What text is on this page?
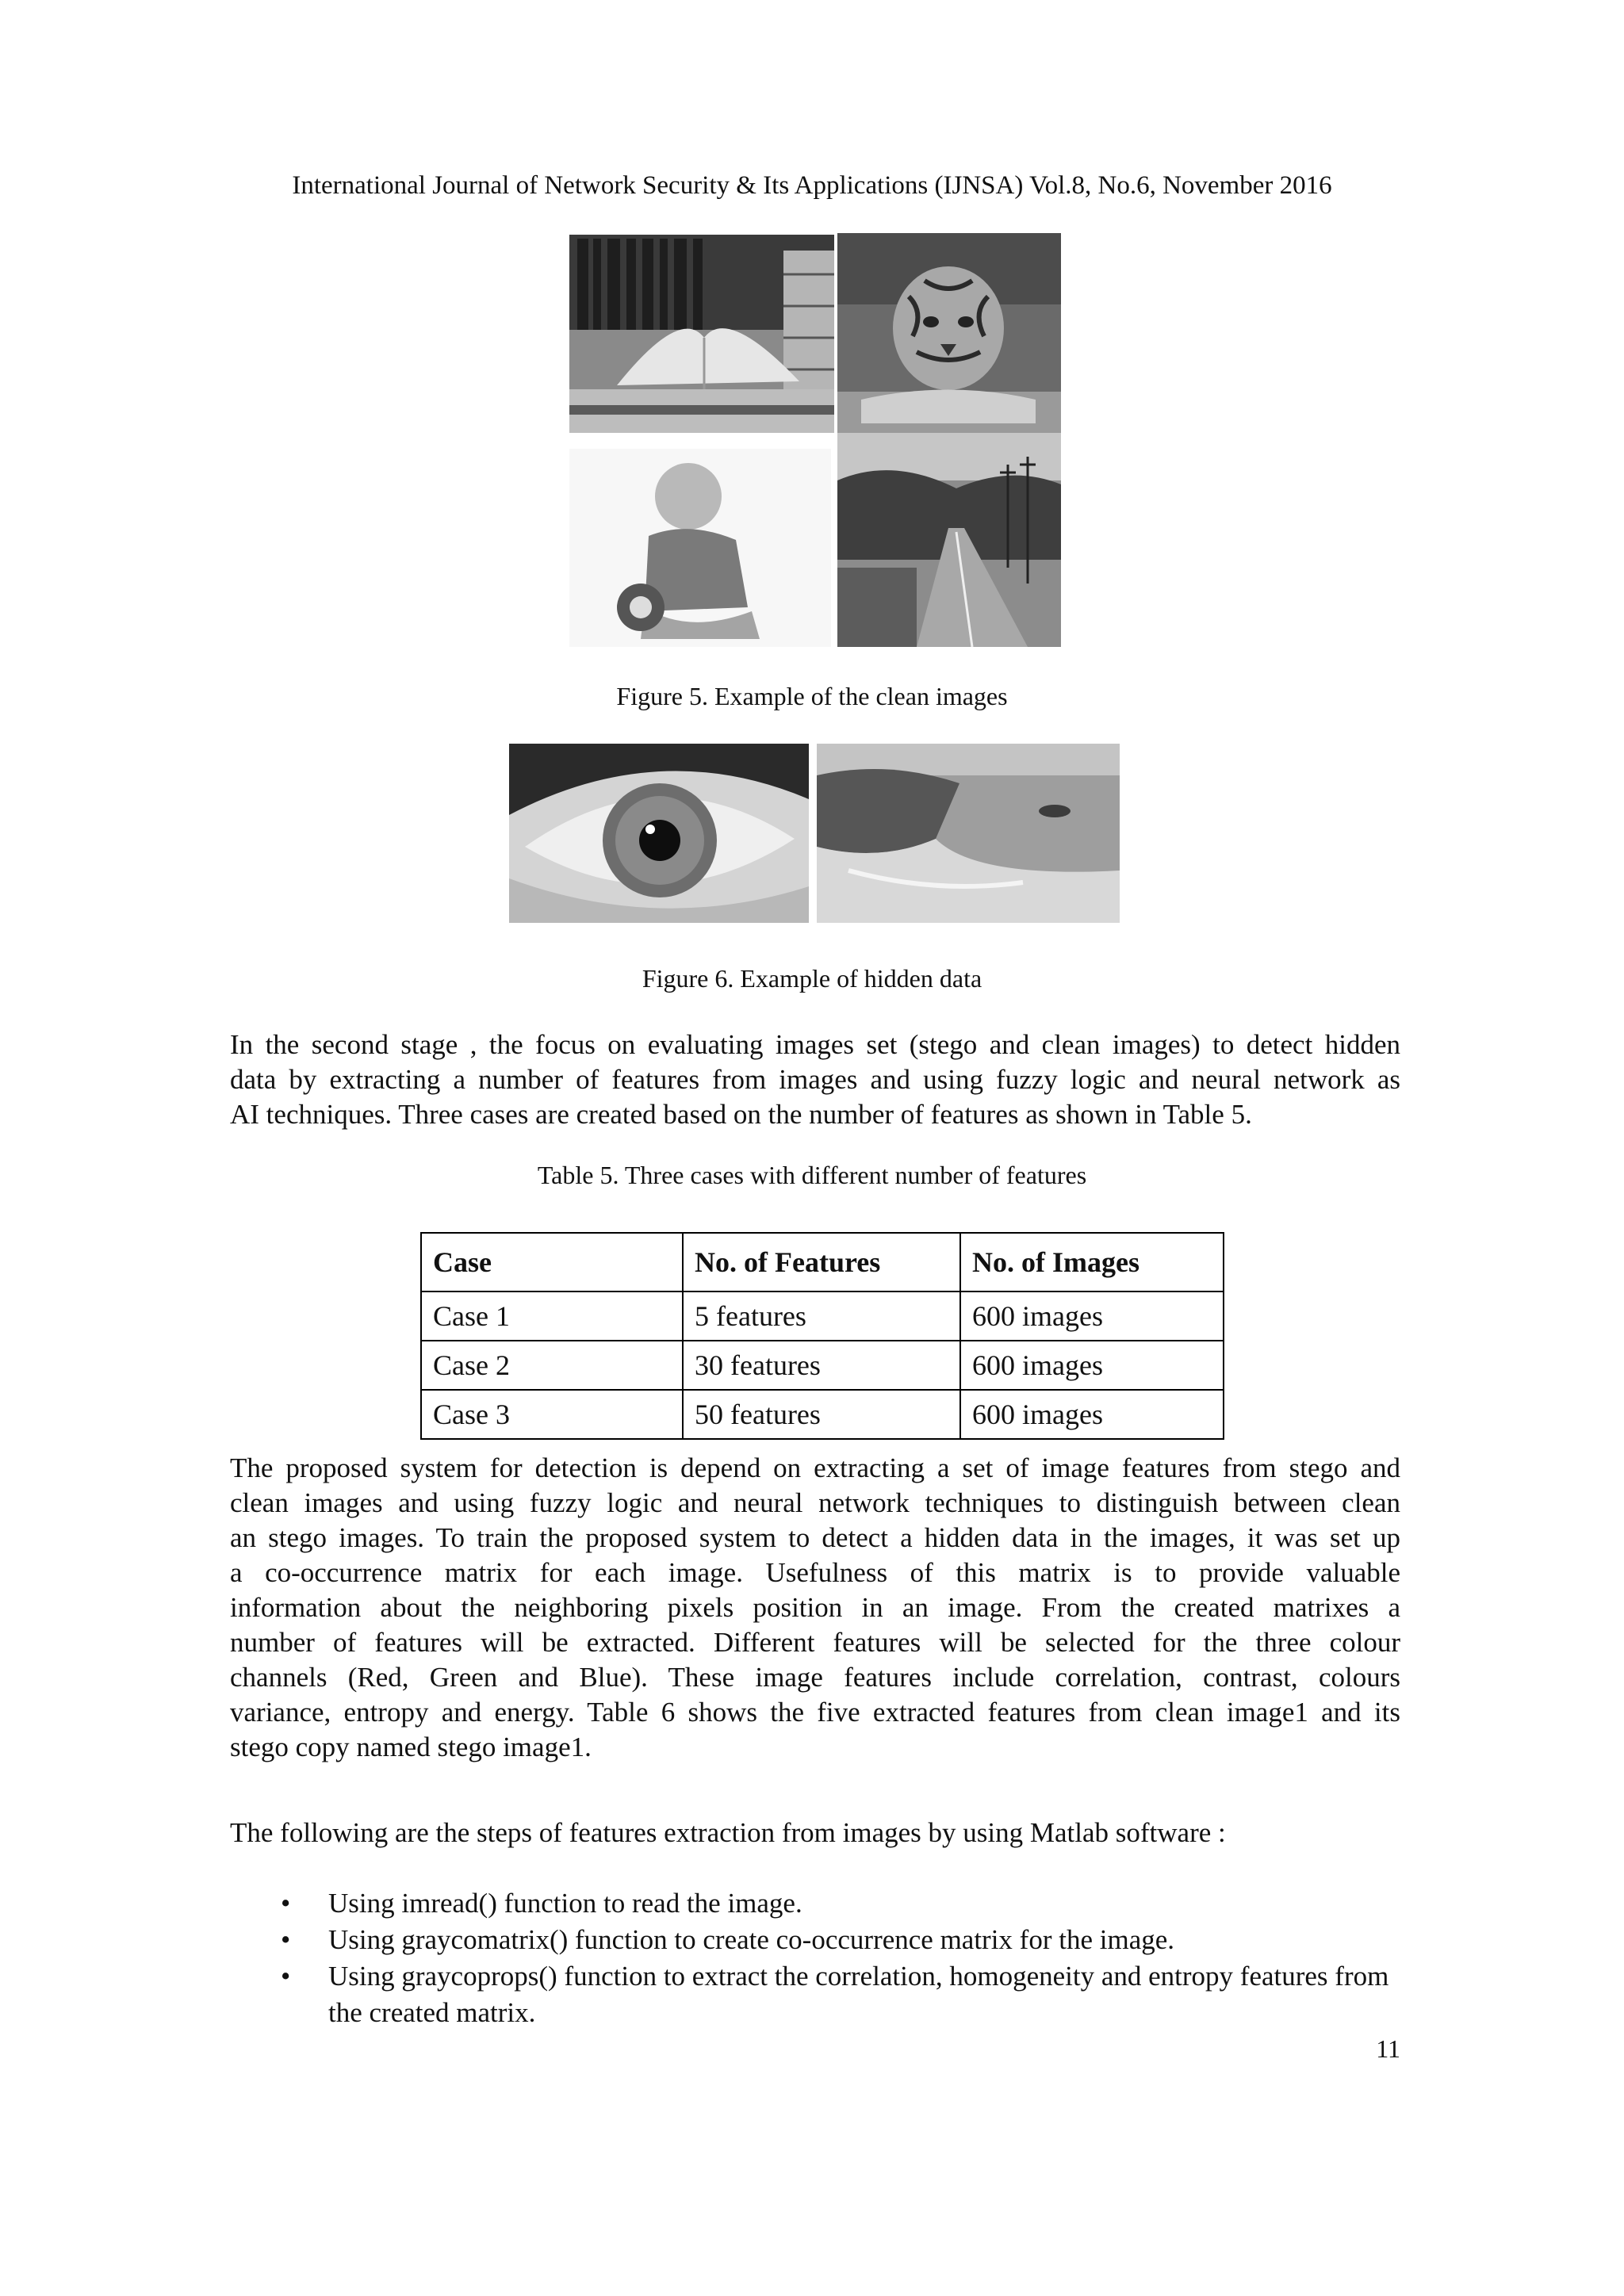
International Journal of Network Security & Its Applications (IJNSA) Vol.8, No.6, November 2016
Figure 5. Example of the clean images
Figure 6. Example of hidden data
In the second stage , the focus on evaluating images set (stego and clean images) to detect hidden
data by extracting a number of features from images and using fuzzy logic and neural network as
AI techniques. Three cases are created based on the number of features as shown in Table 5.
Table 5. Three cases with different number of features
Case	No. of Features	No. of Images
Case 1	5 features	600 images
Case 2	30 features	600 images
Case 3	50 features	600 images
The proposed system for detection is depend on extracting a set of image features from stego and
clean images and using fuzzy logic and neural network techniques to distinguish between clean
an stego images. To train the proposed system to detect a hidden data in the images, it was set up
a co-occurrence matrix for each image. Usefulness of this matrix is to provide valuable
information about the neighboring pixels position in an image. From the created matrixes a
number of features will be extracted. Different features will be selected for the three colour
channels (Red, Green and Blue). These image features include correlation, contrast, colours
variance, entropy and energy. Table 6 shows the five extracted features from clean image1 and its
stego copy named stego image1.
The following are the steps of features extraction from images by using Matlab software :
• Using imread() function to read the image.
• Using graycomatrix() function to create co-occurrence matrix for the image.
• Using graycoprops() function to extract the correlation, homogeneity and entropy features from the created matrix.
11
